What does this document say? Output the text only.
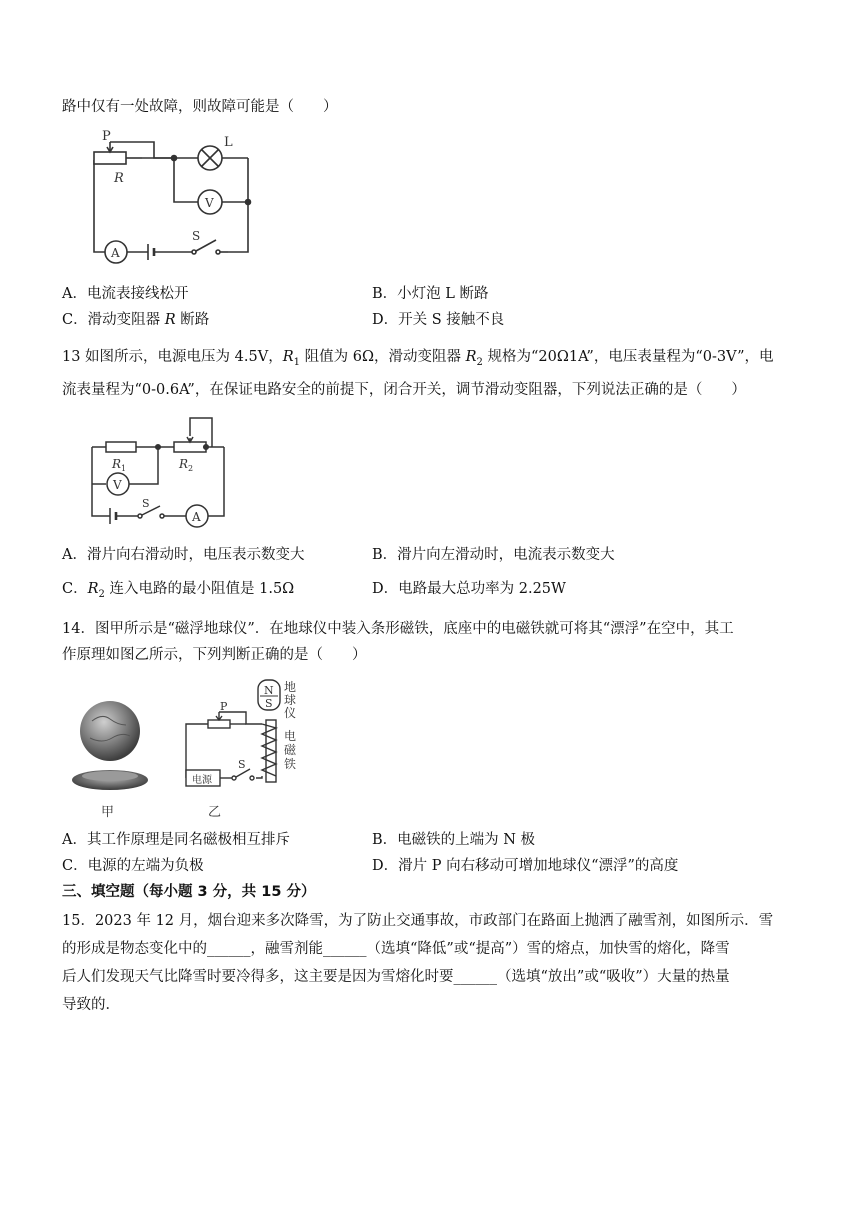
路中仅有一处故障，则故障可能是（　　）
P
R
L
V
A
S
A．电流表接线松开	B．小灯泡 L 断路
C．滑动变阻器 R 断路	D．开关 S 接触不良
13 如图所示，电源电压为 4.5V，$R_1$ 阻值为 6Ω，滑动变阻器 $R_2$ 规格为“20Ω1A”，电压表量程为“0-3V”，电
流表量程为“0-0.6A”，在保证电路安全的前提下，闭合开关，调节滑动变阻器，下列说法正确的是（　　）
$R_1$	$R_2$
V
S
A
A．滑片向右滑动时，电压表示数变大	B．滑片向左滑动时，电流表示数变大
C．$R_2$ 连入电路的最小阻值是 1.5Ω	D．电路最大总功率为 2.25W
14．图甲所示是“磁浮地球仪”．在地球仪中装入条形磁铁，底座中的电磁铁就可将其“漂浮”在空中，其工
作原理如图乙所示，下列判断正确的是（　　）
甲
N
S
地 球 仪
P
S
电源
电 磁 铁
乙
A．其工作原理是同名磁极相互排斥	B．电磁铁的上端为 N 极
C．电源的左端为负极	D．滑片 P 向右移动可增加地球仪“漂浮”的高度
三、填空题（每小题 3 分，共 15 分）
15．2023 年 12 月，烟台迎来多次降雪，为了防止交通事故，市政部门在路面上抛洒了融雪剂，如图所示．雪
的形成是物态变化中的______，融雪剂能______（选填“降低”或“提高”）雪的熔点，加快雪的熔化，降雪
后人们发现天气比降雪时要冷得多，这主要是因为雪熔化时要______（选填“放出”或“吸收”）大量的热量
导致的．
